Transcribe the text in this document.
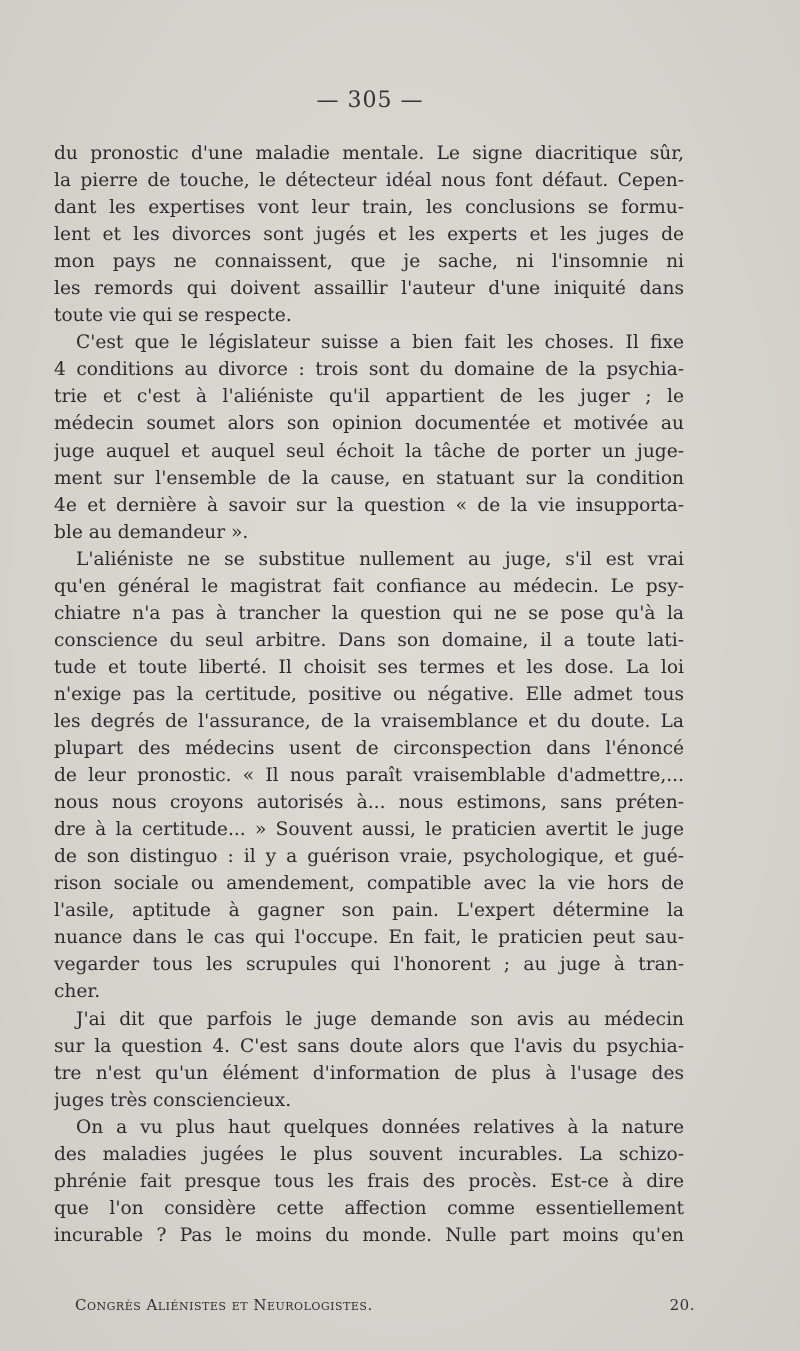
— 305 —
du pronostic d'une maladie mentale. Le signe diacritique sûr,
la pierre de touche, le détecteur idéal nous font défaut. Cepen-
dant les expertises vont leur train, les conclusions se formu-
lent et les divorces sont jugés et les experts et les juges de
mon pays ne connaissent, que je sache, ni l'insomnie ni
les remords qui doivent assaillir l'auteur d'une iniquité dans
toute vie qui se respecte.
C'est que le législateur suisse a bien fait les choses. Il fixe
4 conditions au divorce : trois sont du domaine de la psychia-
trie et c'est à l'aliéniste qu'il appartient de les juger ; le
médecin soumet alors son opinion documentée et motivée au
juge auquel et auquel seul échoit la tâche de porter un juge-
ment sur l'ensemble de la cause, en statuant sur la condition
4e et dernière à savoir sur la question « de la vie insupporta-
ble au demandeur ».
L'aliéniste ne se substitue nullement au juge, s'il est vrai
qu'en général le magistrat fait confiance au médecin. Le psy-
chiatre n'a pas à trancher la question qui ne se pose qu'à la
conscience du seul arbitre. Dans son domaine, il a toute lati-
tude et toute liberté. Il choisit ses termes et les dose. La loi
n'exige pas la certitude, positive ou négative. Elle admet tous
les degrés de l'assurance, de la vraisemblance et du doute. La
plupart des médecins usent de circonspection dans l'énoncé
de leur pronostic. « Il nous paraît vraisemblable d'admettre,...
nous nous croyons autorisés à... nous estimons, sans préten-
dre à la certitude... » Souvent aussi, le praticien avertit le juge
de son distinguo : il y a guérison vraie, psychologique, et gué-
rison sociale ou amendement, compatible avec la vie hors de
l'asile, aptitude à gagner son pain. L'expert détermine la
nuance dans le cas qui l'occupe. En fait, le praticien peut sau-
vegarder tous les scrupules qui l'honorent ; au juge à tran-
cher.
J'ai dit que parfois le juge demande son avis au médecin
sur la question 4. C'est sans doute alors que l'avis du psychia-
tre n'est qu'un élément d'information de plus à l'usage des
juges très consciencieux.
On a vu plus haut quelques données relatives à la nature
des maladies jugées le plus souvent incurables. La schizo-
phrénie fait presque tous les frais des procès. Est-ce à dire
que l'on considère cette affection comme essentiellement
incurable ? Pas le moins du monde. Nulle part moins qu'en
Congrès Aliénistes et Neurologistes.	20.
